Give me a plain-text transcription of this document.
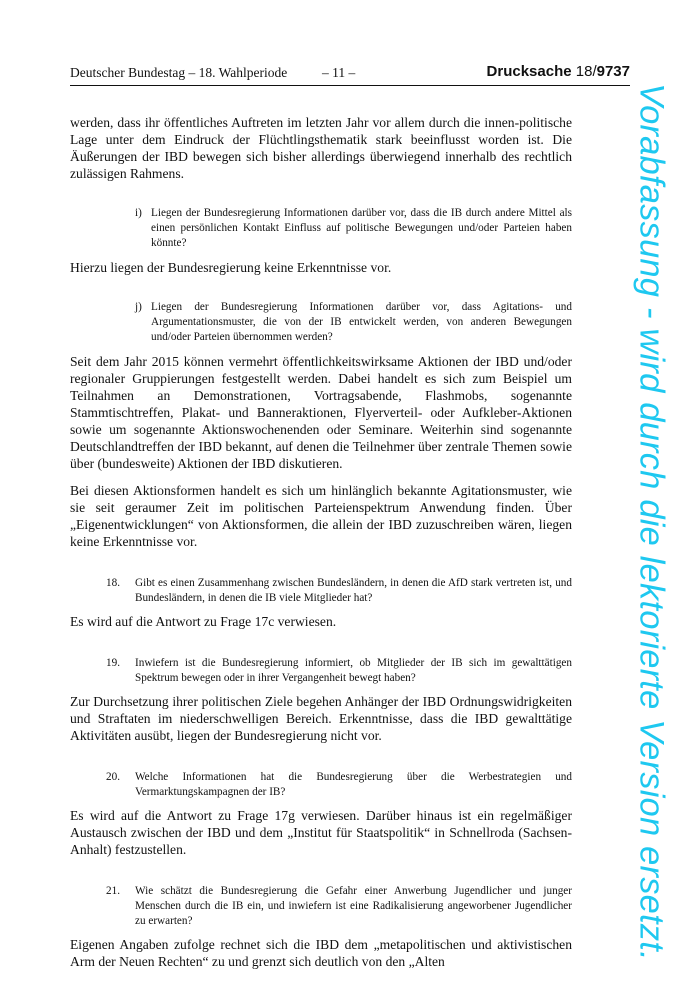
Deutscher Bundestag – 18. Wahlperiode	– 11 –	Drucksache 18/9737

werden, dass ihr öffentliches Auftreten im letzten Jahr vor allem durch die innen-politische Lage unter dem Eindruck der Flüchtlingsthematik stark beeinflusst worden ist. Die Äußerungen der IBD bewegen sich bisher allerdings überwiegend innerhalb des rechtlich zulässigen Rahmens.

i) Liegen der Bundesregierung Informationen darüber vor, dass die IB durch andere Mittel als einen persönlichen Kontakt Einfluss auf politische Bewegungen und/oder Parteien haben könnte?

Hierzu liegen der Bundesregierung keine Erkenntnisse vor.

j) Liegen der Bundesregierung Informationen darüber vor, dass Agitations- und Argumentationsmuster, die von der IB entwickelt werden, von anderen Bewegungen und/oder Parteien übernommen werden?

Seit dem Jahr 2015 können vermehrt öffentlichkeitswirksame Aktionen der IBD und/oder regionaler Gruppierungen festgestellt werden. Dabei handelt es sich zum Beispiel um Teilnahmen an Demonstrationen, Vortragsabende, Flashmobs, sogenannte Stammtischtreffen, Plakat- und Banneraktionen, Flyerverteil- oder Aufkleber-Aktionen sowie um sogenannte Aktionswochenenden oder Seminare. Weiterhin sind sogenannte Deutschlandtreffen der IBD bekannt, auf denen die Teilnehmer über zentrale Themen sowie über (bundesweite) Aktionen der IBD diskutieren.

Bei diesen Aktionsformen handelt es sich um hinlänglich bekannte Agitationsmuster, wie sie seit geraumer Zeit im politischen Parteienspektrum Anwendung finden. Über „Eigenentwicklungen“ von Aktionsformen, die allein der IBD zuzuschreiben wären, liegen keine Erkenntnisse vor.

18.	Gibt es einen Zusammenhang zwischen Bundesländern, in denen die AfD stark vertreten ist, und Bundesländern, in denen die IB viele Mitglieder hat?

Es wird auf die Antwort zu Frage 17c verwiesen.

19.	Inwiefern ist die Bundesregierung informiert, ob Mitglieder der IB sich im gewalttätigen Spektrum bewegen oder in ihrer Vergangenheit bewegt haben?

Zur Durchsetzung ihrer politischen Ziele begehen Anhänger der IBD Ordnungswidrigkeiten und Straftaten im niederschwelligen Bereich. Erkenntnisse, dass die IBD gewalttätige Aktivitäten ausübt, liegen der Bundesregierung nicht vor.

20.	Welche Informationen hat die Bundesregierung über die Werbestrategien und Vermarktungskampagnen der IB?

Es wird auf die Antwort zu Frage 17g verwiesen. Darüber hinaus ist ein regelmäßiger Austausch zwischen der IBD und dem „Institut für Staatspolitik“ in Schnellroda (Sachsen-Anhalt) festzustellen.

21.	Wie schätzt die Bundesregierung die Gefahr einer Anwerbung Jugendlicher und junger Menschen durch die IB ein, und inwiefern ist eine Radikalisierung angeworbener Jugendlicher zu erwarten?

Eigenen Angaben zufolge rechnet sich die IBD dem „metapolitischen und aktivistischen Arm der Neuen Rechten“ zu und grenzt sich deutlich von den „Alten

Vorabfassung - wird durch die lektorierte Version ersetzt.
